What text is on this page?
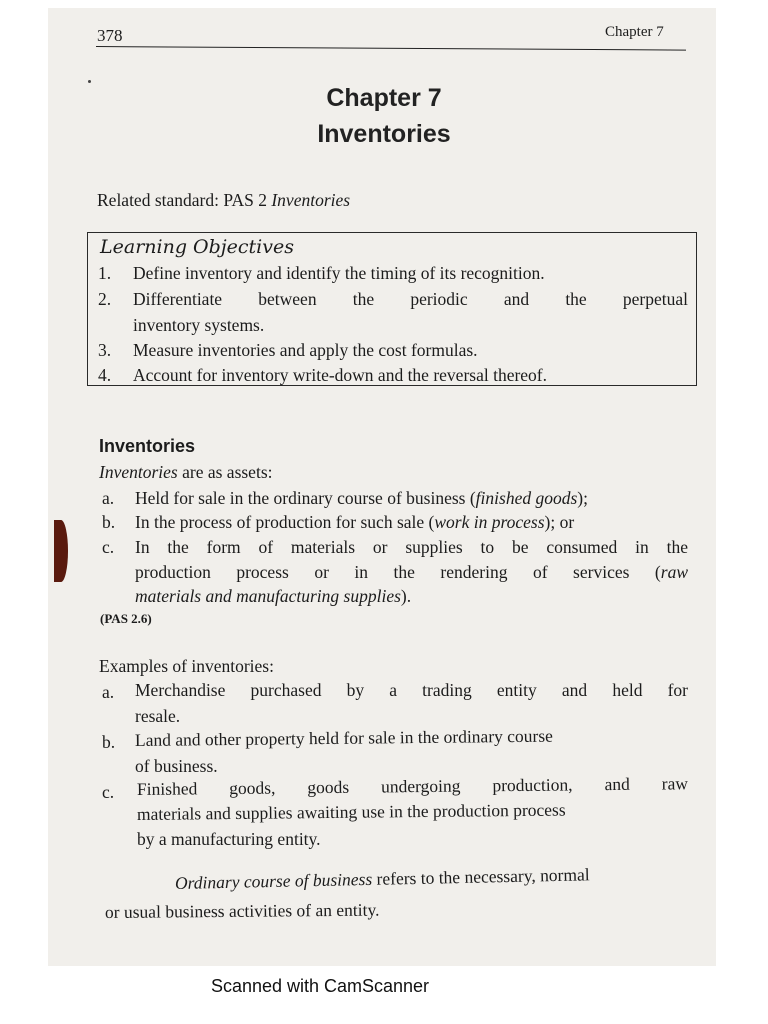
378	Chapter 7
Chapter 7
Inventories
Related standard: PAS 2 Inventories
Learning Objectives
1. Define inventory and identify the timing of its recognition.
2. Differentiate between the periodic and the perpetual
inventory systems.
3. Measure inventories and apply the cost formulas.
4. Account for inventory write-down and the reversal thereof.
Inventories
Inventories are as assets:
a. Held for sale in the ordinary course of business (finished goods);
b. In the process of production for such sale (work in process); or
c. In the form of materials or supplies to be consumed in the
production process or in the rendering of services (raw
materials and manufacturing supplies).
(PAS 2.6)
Examples of inventories:
a. Merchandise purchased by a trading entity and held for
resale.
b. Land and other property held for sale in the ordinary course
of business.
c. Finished goods, goods undergoing production, and raw
materials and supplies awaiting use in the production process
by a manufacturing entity.
Ordinary course of business refers to the necessary, normal
or usual business activities of an entity.
Scanned with CamScanner
